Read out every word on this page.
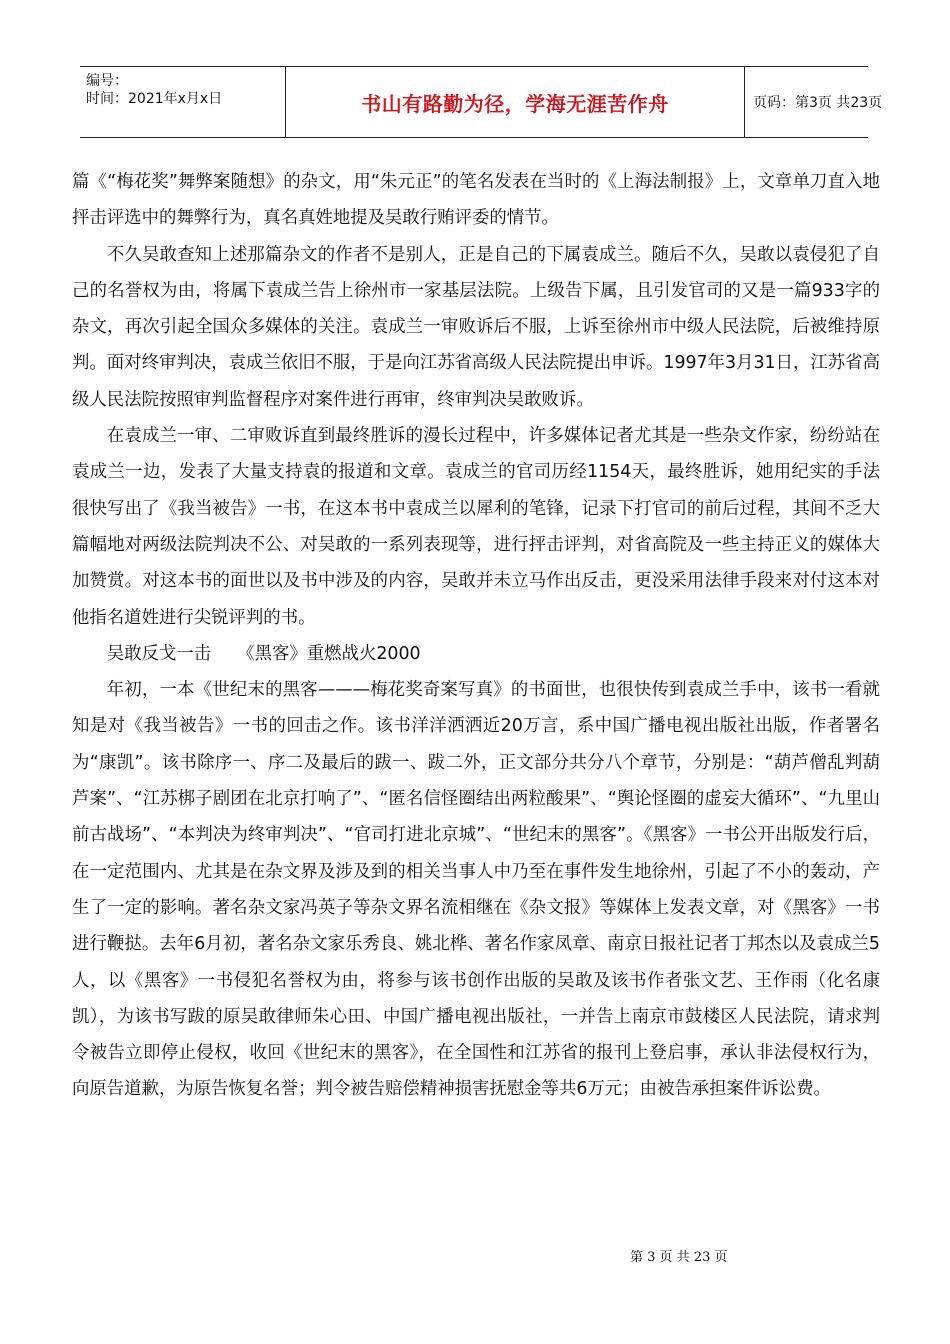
编号：
时间：2021年x月x日	书山有路勤为径，学海无涯苦作舟	页码：第3页 共23页

篇《“梅花奖”舞弊案随想》的杂文，用“朱元正”的笔名发表在当时的《上海法制报》上，文章单刀直入地抨击评选中的舞弊行为，真名真姓地提及吴敢行贿评委的情节。

不久吴敢查知上述那篇杂文的作者不是别人，正是自己的下属袁成兰。随后不久，吴敢以袁侵犯了自己的名誉权为由，将属下袁成兰告上徐州市一家基层法院。上级告下属，且引发官司的又是一篇933字的杂文，再次引起全国众多媒体的关注。袁成兰一审败诉后不服，上诉至徐州市中级人民法院，后被维持原判。面对终审判决，袁成兰依旧不服，于是向江苏省高级人民法院提出申诉。1997年3月31日，江苏省高级人民法院按照审判监督程序对案件进行再审，终审判决吴敢败诉。

在袁成兰一审、二审败诉直到最终胜诉的漫长过程中，许多媒体记者尤其是一些杂文作家，纷纷站在袁成兰一边，发表了大量支持袁的报道和文章。袁成兰的官司历经1154天，最终胜诉，她用纪实的手法很快写出了《我当被告》一书，在这本书中袁成兰以犀利的笔锋，记录下打官司的前后过程，其间不乏大篇幅地对两级法院判决不公、对吴敢的一系列表现等，进行抨击评判，对省高院及一些主持正义的媒体大加赞赏。对这本书的面世以及书中涉及的内容，吴敢并未立马作出反击，更没采用法律手段来对付这本对他指名道姓进行尖锐评判的书。

吴敢反戈一击　　《黑客》重燃战火2000

年初，一本《世纪末的黑客———梅花奖奇案写真》的书面世，也很快传到袁成兰手中，该书一看就知是对《我当被告》一书的回击之作。该书洋洋洒洒近20万言，系中国广播电视出版社出版，作者署名为“康凯”。该书除序一、序二及最后的跋一、跋二外，正文部分共分八个章节，分别是：“葫芦僧乱判葫芦案”、“江苏梆子剧团在北京打响了”、“匿名信怪圈结出两粒酸果”、“舆论怪圈的虚妄大循环”、“九里山前古战场”、“本判决为终审判决”、“官司打进北京城”、“世纪末的黑客”。《黑客》一书公开出版发行后，在一定范围内、尤其是在杂文界及涉及到的相关当事人中乃至在事件发生地徐州，引起了不小的轰动，产生了一定的影响。著名杂文家冯英子等杂文界名流相继在《杂文报》等媒体上发表文章，对《黑客》一书进行鞭挞。去年6月初，著名杂文家乐秀良、姚北桦、著名作家凤章、南京日报社记者丁邦杰以及袁成兰5人，以《黑客》一书侵犯名誉权为由，将参与该书创作出版的吴敢及该书作者张文艺、王作雨（化名康凯），为该书写跋的原吴敢律师朱心田、中国广播电视出版社，一并告上南京市鼓楼区人民法院，请求判令被告立即停止侵权，收回《世纪末的黑客》，在全国性和江苏省的报刊上登启事，承认非法侵权行为，向原告道歉，为原告恢复名誉；判令被告赔偿精神损害抚慰金等共6万元；由被告承担案件诉讼费。

第 3 页 共 23 页
